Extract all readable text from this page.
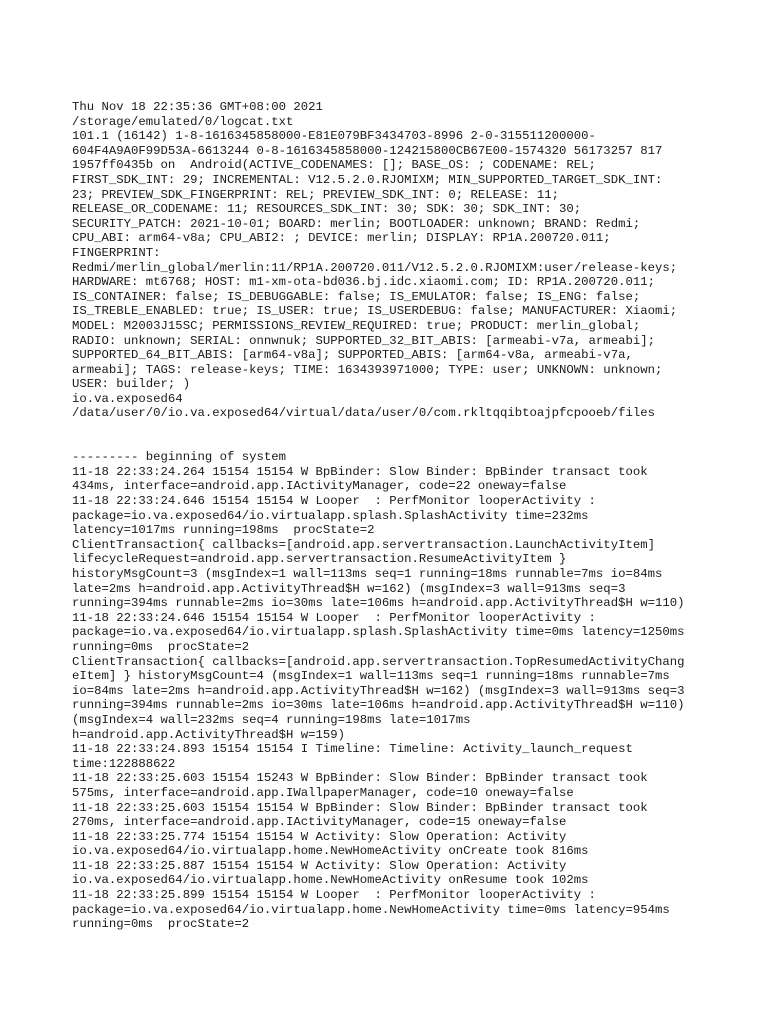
Thu Nov 18 22:35:36 GMT+08:00 2021
/storage/emulated/0/logcat.txt
101.1 (16142) 1-8-1616345858000-E81E079BF3434703-8996 2-0-315511200000-
604F4A9A0F99D53A-6613244 0-8-1616345858000-124215800CB67E00-1574320 56173257 817
1957ff0435b on  Android(ACTIVE_CODENAMES: []; BASE_OS: ; CODENAME: REL;
FIRST_SDK_INT: 29; INCREMENTAL: V12.5.2.0.RJOMIXM; MIN_SUPPORTED_TARGET_SDK_INT:
23; PREVIEW_SDK_FINGERPRINT: REL; PREVIEW_SDK_INT: 0; RELEASE: 11;
RELEASE_OR_CODENAME: 11; RESOURCES_SDK_INT: 30; SDK: 30; SDK_INT: 30;
SECURITY_PATCH: 2021-10-01; BOARD: merlin; BOOTLOADER: unknown; BRAND: Redmi;
CPU_ABI: arm64-v8a; CPU_ABI2: ; DEVICE: merlin; DISPLAY: RP1A.200720.011;
FINGERPRINT:
Redmi/merlin_global/merlin:11/RP1A.200720.011/V12.5.2.0.RJOMIXM:user/release-keys;
HARDWARE: mt6768; HOST: m1-xm-ota-bd036.bj.idc.xiaomi.com; ID: RP1A.200720.011;
IS_CONTAINER: false; IS_DEBUGGABLE: false; IS_EMULATOR: false; IS_ENG: false;
IS_TREBLE_ENABLED: true; IS_USER: true; IS_USERDEBUG: false; MANUFACTURER: Xiaomi;
MODEL: M2003J15SC; PERMISSIONS_REVIEW_REQUIRED: true; PRODUCT: merlin_global;
RADIO: unknown; SERIAL: onnwnuk; SUPPORTED_32_BIT_ABIS: [armeabi-v7a, armeabi];
SUPPORTED_64_BIT_ABIS: [arm64-v8a]; SUPPORTED_ABIS: [arm64-v8a, armeabi-v7a,
armeabi]; TAGS: release-keys; TIME: 1634393971000; TYPE: user; UNKNOWN: unknown;
USER: builder; )
io.va.exposed64
/data/user/0/io.va.exposed64/virtual/data/user/0/com.rkltqqibtoajpfcpooeb/files
--------- beginning of system
11-18 22:33:24.264 15154 15154 W BpBinder: Slow Binder: BpBinder transact took
434ms, interface=android.app.IActivityManager, code=22 oneway=false
11-18 22:33:24.646 15154 15154 W Looper  : PerfMonitor looperActivity :
package=io.va.exposed64/io.virtualapp.splash.SplashActivity time=232ms
latency=1017ms running=198ms  procState=2
ClientTransaction{ callbacks=[android.app.servertransaction.LaunchActivityItem]
lifecycleRequest=android.app.servertransaction.ResumeActivityItem }
historyMsgCount=3 (msgIndex=1 wall=113ms seq=1 running=18ms runnable=7ms io=84ms
late=2ms h=android.app.ActivityThread$H w=162) (msgIndex=3 wall=913ms seq=3
running=394ms runnable=2ms io=30ms late=106ms h=android.app.ActivityThread$H w=110)
11-18 22:33:24.646 15154 15154 W Looper  : PerfMonitor looperActivity :
package=io.va.exposed64/io.virtualapp.splash.SplashActivity time=0ms latency=1250ms
running=0ms  procState=2
ClientTransaction{ callbacks=[android.app.servertransaction.TopResumedActivityChang
eItem] } historyMsgCount=4 (msgIndex=1 wall=113ms seq=1 running=18ms runnable=7ms
io=84ms late=2ms h=android.app.ActivityThread$H w=162) (msgIndex=3 wall=913ms seq=3
running=394ms runnable=2ms io=30ms late=106ms h=android.app.ActivityThread$H w=110)
(msgIndex=4 wall=232ms seq=4 running=198ms late=1017ms
h=android.app.ActivityThread$H w=159)
11-18 22:33:24.893 15154 15154 I Timeline: Timeline: Activity_launch_request
time:122888622
11-18 22:33:25.603 15154 15243 W BpBinder: Slow Binder: BpBinder transact took
575ms, interface=android.app.IWallpaperManager, code=10 oneway=false
11-18 22:33:25.603 15154 15154 W BpBinder: Slow Binder: BpBinder transact took
270ms, interface=android.app.IActivityManager, code=15 oneway=false
11-18 22:33:25.774 15154 15154 W Activity: Slow Operation: Activity
io.va.exposed64/io.virtualapp.home.NewHomeActivity onCreate took 816ms
11-18 22:33:25.887 15154 15154 W Activity: Slow Operation: Activity
io.va.exposed64/io.virtualapp.home.NewHomeActivity onResume took 102ms
11-18 22:33:25.899 15154 15154 W Looper  : PerfMonitor looperActivity :
package=io.va.exposed64/io.virtualapp.home.NewHomeActivity time=0ms latency=954ms
running=0ms  procState=2
